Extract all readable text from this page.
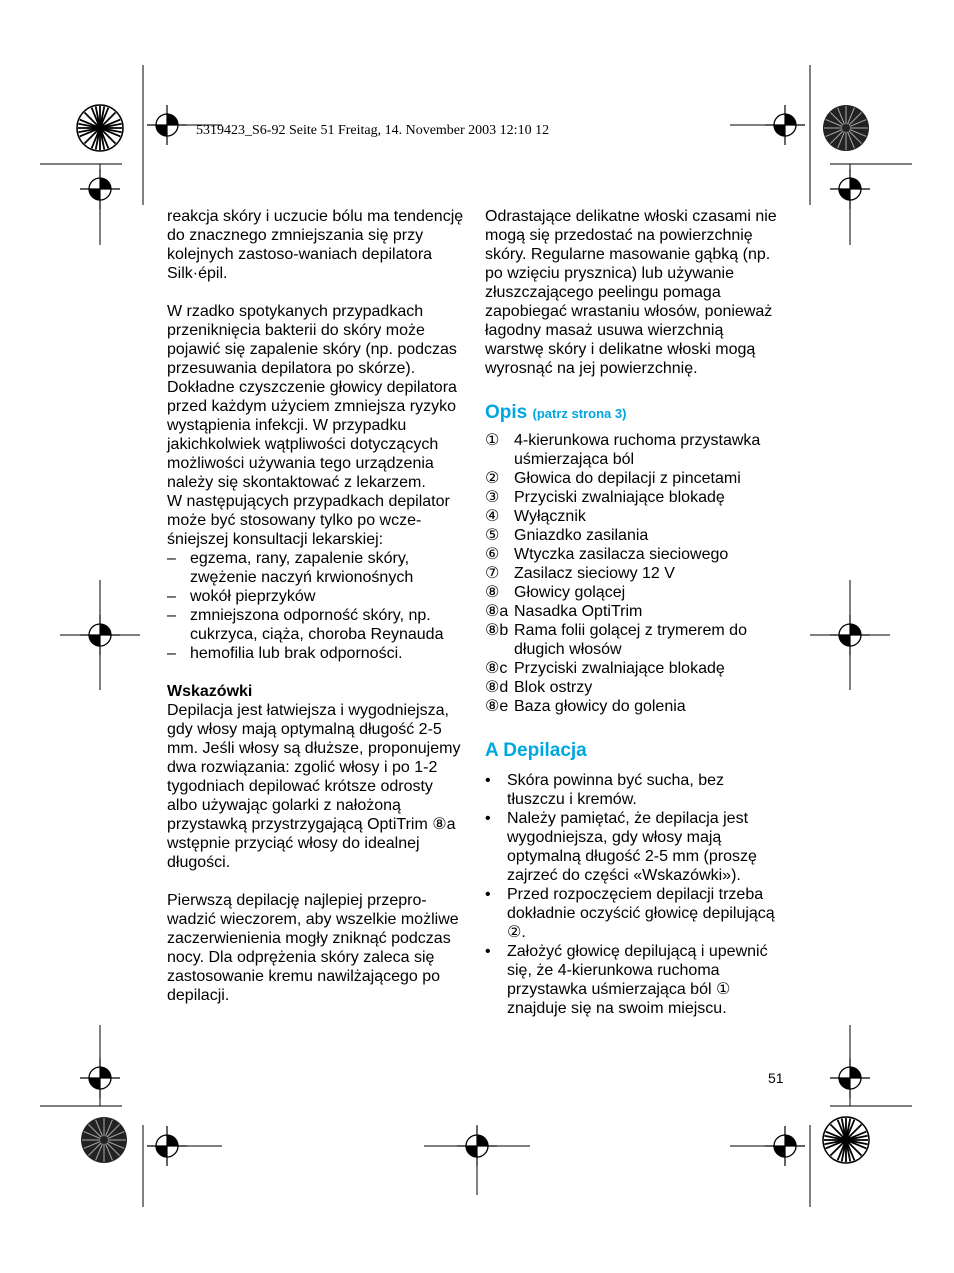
5319423_S6-92 Seite 51 Freitag, 14. November 2003 12:10 12

reakcja skóry i uczucie bólu ma tendencję do znacznego zmniejszania się przy kolejnych zastoso-waniach depilatora Silk·épil.

W rzadko spotykanych przypadkach przeniknięcia bakterii do skóry może pojawić się zapalenie skóry (np. podczas przesuwania depilatora po skórze). Dokładne czyszczenie głowicy depilatora przed każdym użyciem zmniejsza ryzyko wystąpienia infekcji. W przypadku jakichkolwiek wątpliwości dotyczących możliwości używania tego urządzenia należy się skontaktować z lekarzem.

W następujących przypadkach depilator może być stosowany tylko po wcze-śniejszej konsultacji lekarskiej:

– egzema, rany, zapalenie skóry, zwężenie naczyń krwionośnych
– wokół pieprzyków
– zmniejszona odporność skóry, np. cukrzyca, ciąża, choroba Reynauda
– hemofilia lub brak odporności.

Wskazówki

Depilacja jest łatwiejsza i wygodniejsza, gdy włosy mają optymalną długość 2-5 mm. Jeśli włosy są dłuższe, proponujemy dwa rozwiązania: zgolić włosy i po 1-2 tygodniach depilować krótsze odrosty albo używając golarki z nałożoną przystawką przystrzygającą OptiTrim ⑧a wstępnie przyciąć włosy do idealnej długości.

Pierwszą depilację najlepiej przepro-wadzić wieczorem, aby wszelkie możliwe zaczerwienienia mogły zniknąć podczas nocy. Dla odprężenia skóry zaleca się zastosowanie kremu nawilżającego po depilacji.

Odrastające delikatne włoski czasami nie mogą się przedostać na powierzchnię skóry. Regularne masowanie gąbką (np. po wzięciu prysznica) lub używanie złuszczającego peelingu pomaga zapobiegać wrastaniu włosów, ponieważ łagodny masaż usuwa wierzchnią warstwę skóry i delikatne włoski mogą wyrosnąć na jej powierzchnię.

Opis (patrz strona 3)

① 4-kierunkowa ruchoma przystawka uśmierzająca ból
② Głowica do depilacji z pincetami
③ Przyciski zwalniające blokadę
④ Wyłącznik
⑤ Gniazdko zasilania
⑥ Wtyczka zasilacza sieciowego
⑦ Zasilacz sieciowy 12 V
⑧ Głowicy golącej
⑧a Nasadka OptiTrim
⑧b Rama folii golącej z trymerem do długich włosów
⑧c Przyciski zwalniające blokadę
⑧d Blok ostrzy
⑧e Baza głowicy do golenia

A Depilacja

•	Skóra powinna być sucha, bez tłuszczu i kremów.
•	Należy pamiętać, że depilacja jest wygodniejsza, gdy włosy mają optymalną długość 2-5 mm (proszę zajrzeć do części «Wskazówki»).
•	Przed rozpoczęciem depilacji trzeba dokładnie oczyścić głowicę depilującą ②.
•	Założyć głowicę depilującą i upewnić się, że 4-kierunkowa ruchoma przystawka uśmierzająca ból ① znajduje się na swoim miejscu.
51
